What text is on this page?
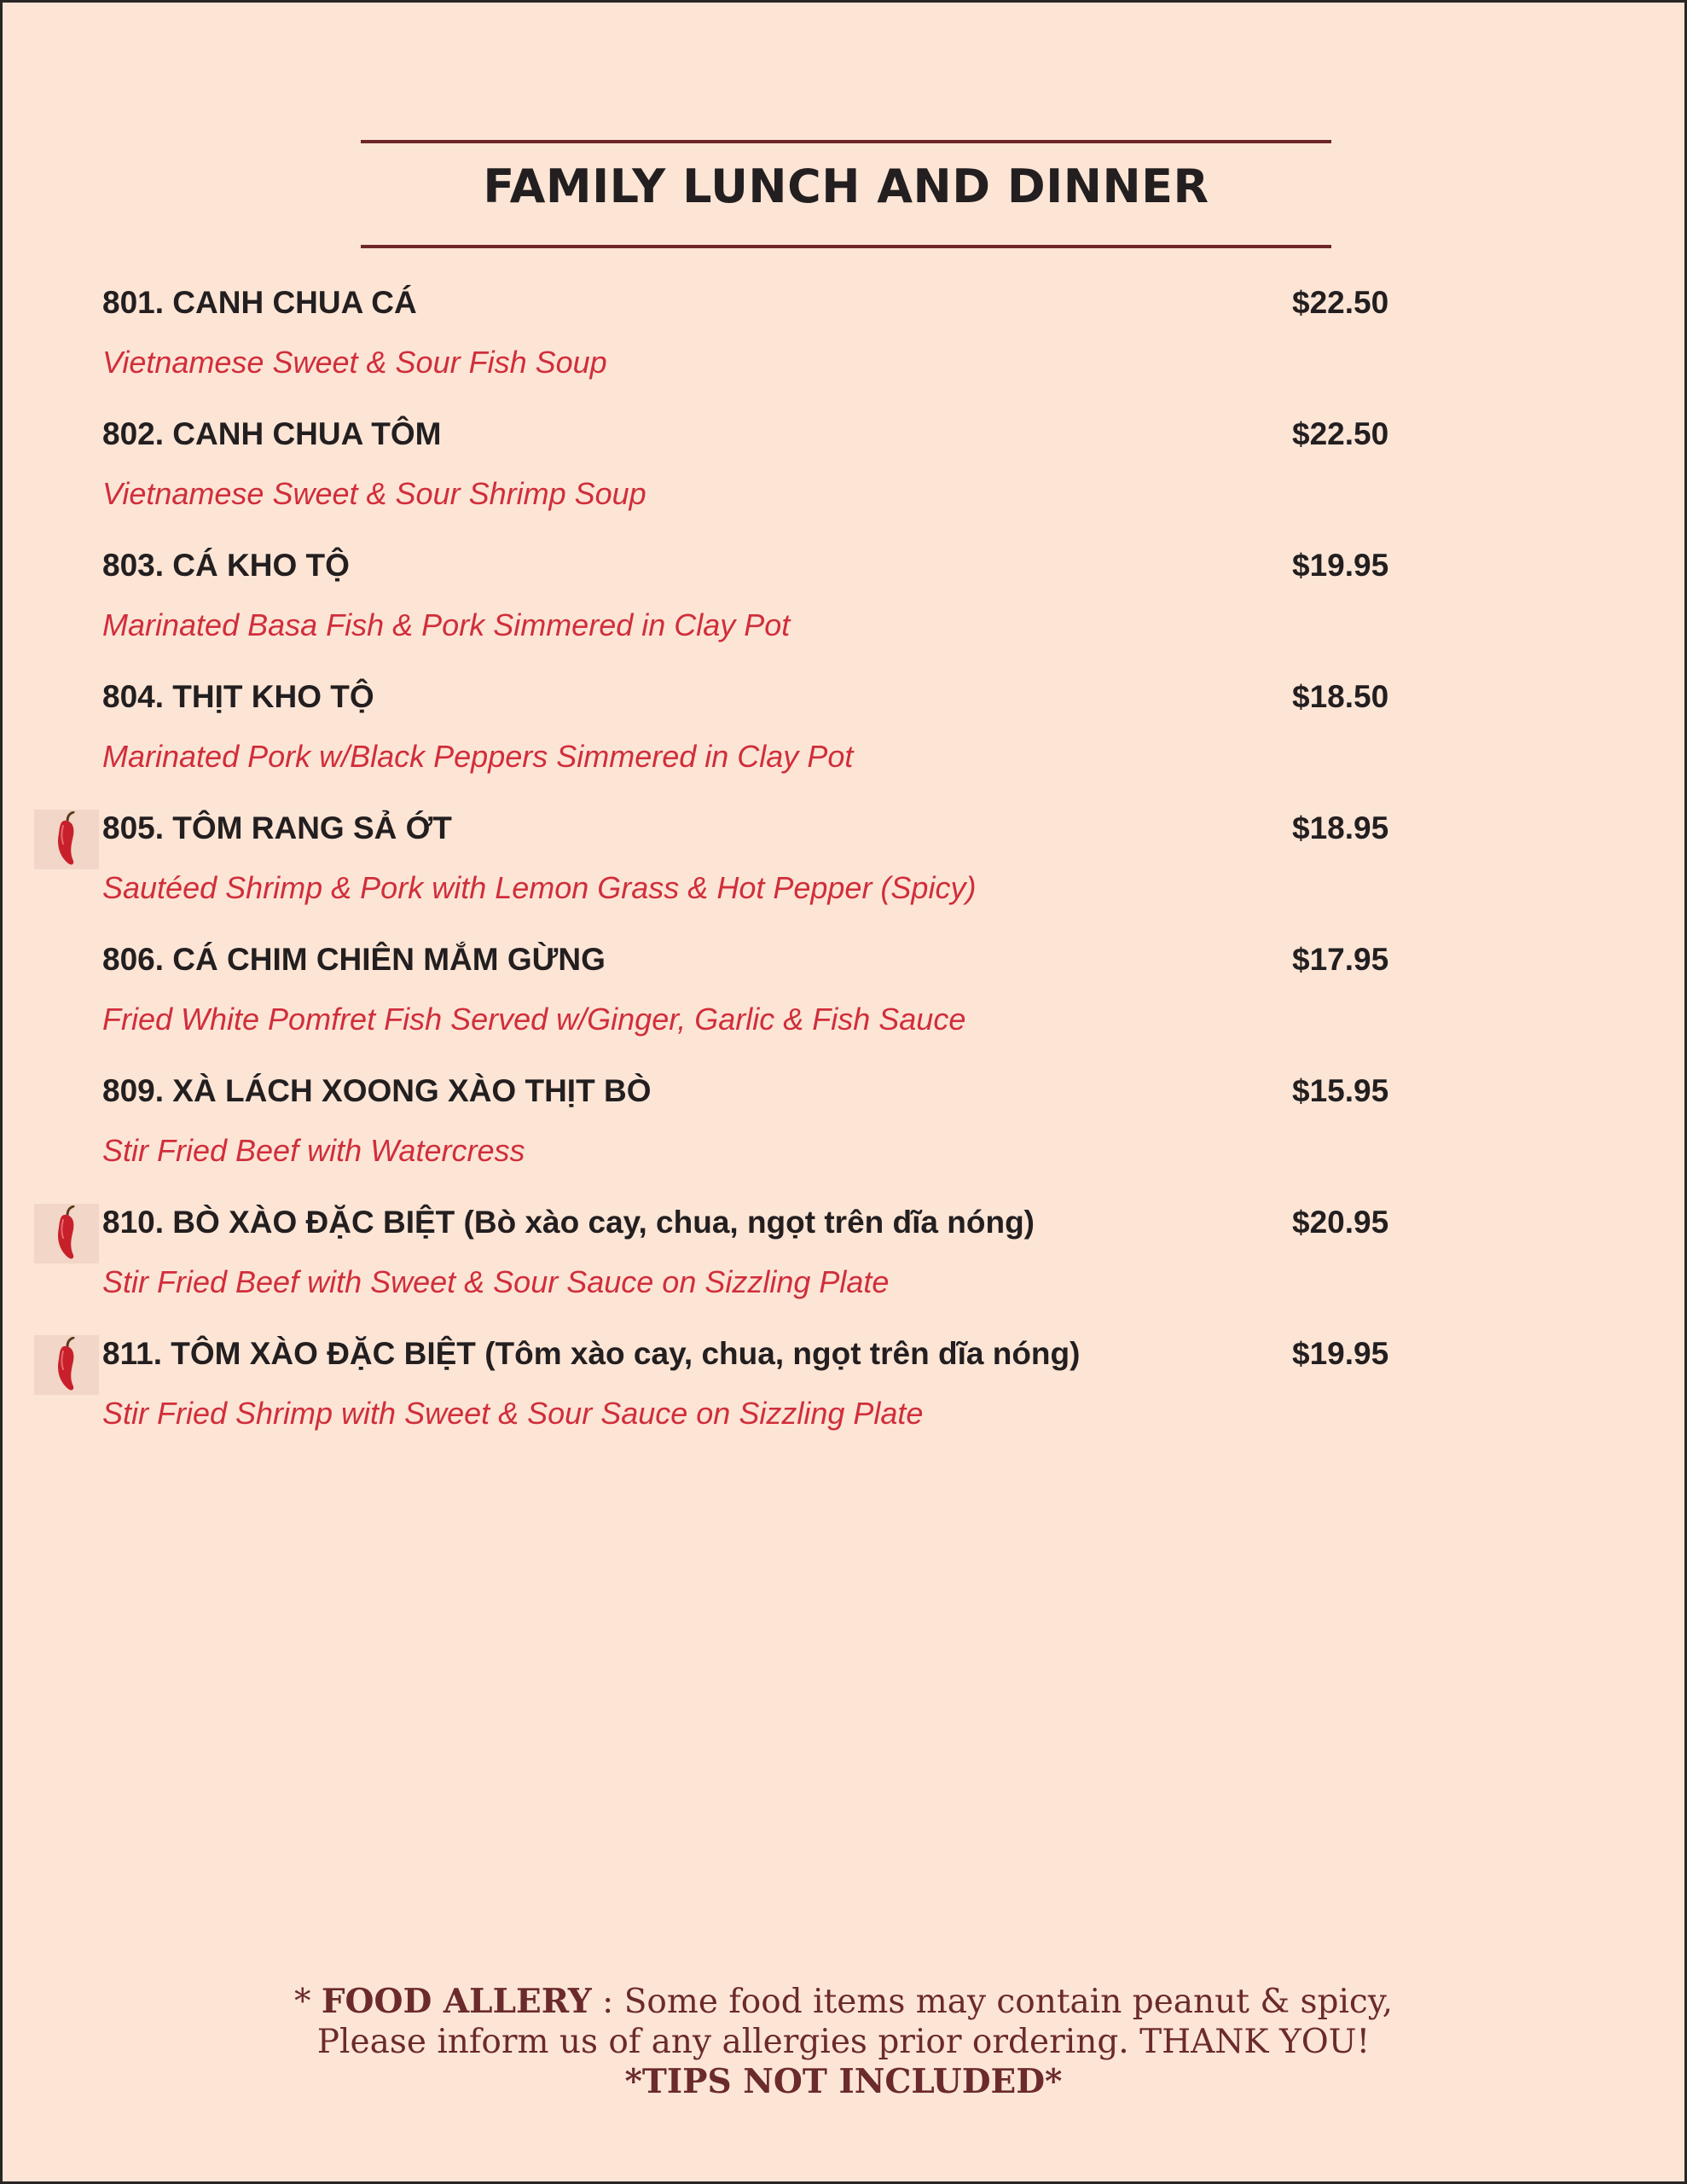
FAMILY LUNCH AND DINNER
801. CANH CHUA CÁ	$22.50
Vietnamese Sweet & Sour Fish Soup
802. CANH CHUA TÔM	$22.50
Vietnamese Sweet & Sour Shrimp Soup
803. CÁ KHO TỘ	$19.95
Marinated Basa Fish & Pork Simmered in Clay Pot
804. THỊT KHO TỘ	$18.50
Marinated Pork w/Black Peppers Simmered in Clay Pot
805. TÔM RANG SẢ ỚT	$18.95
Sautéed Shrimp & Pork with Lemon Grass & Hot Pepper (Spicy)
806. CÁ CHIM CHIÊN MẮM GỪNG	$17.95
Fried White Pomfret Fish Served w/Ginger, Garlic & Fish Sauce
809. XÀ LÁCH XOONG XÀO THỊT BÒ	$15.95
Stir Fried Beef with Watercress
810. BÒ XÀO ĐẶC BIỆT (Bò xào cay, chua, ngọt trên dĩa nóng)	$20.95
Stir Fried Beef with Sweet & Sour Sauce on Sizzling Plate
811. TÔM XÀO ĐẶC BIỆT (Tôm xào cay, chua, ngọt trên dĩa nóng)	$19.95
Stir Fried Shrimp with Sweet & Sour Sauce on Sizzling Plate
* FOOD ALLERY : Some food items may contain peanut & spicy,
Please inform us of any allergies prior ordering. THANK YOU!
*TIPS NOT INCLUDED*
